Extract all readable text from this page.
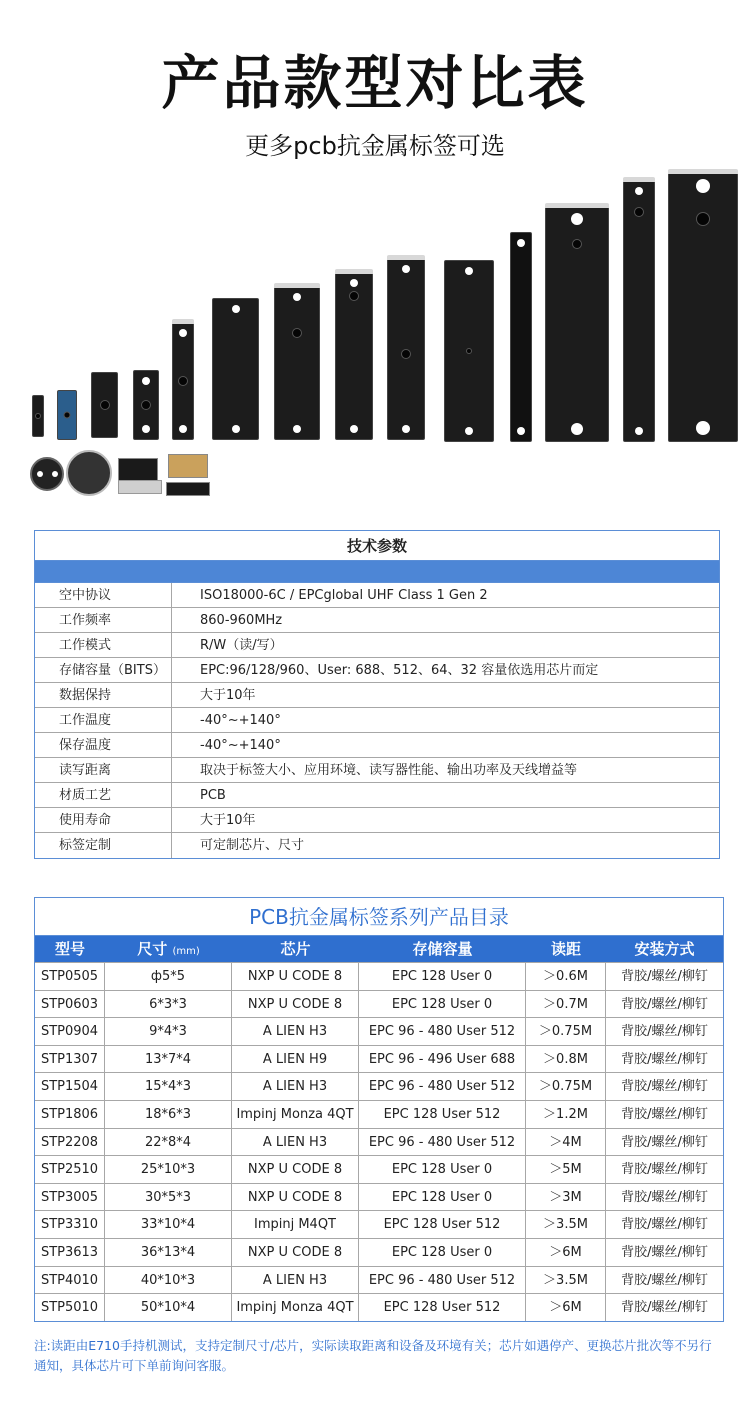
产品款型对比表
更多pcb抗金属标签可选
技术参数
空中协议	ISO18000-6C / EPCglobal UHF Class 1 Gen 2
工作频率	860-960MHz
工作模式	R/W（读/写）
存储容量（BITS）	EPC:96/128/960、User: 688、512、64、32 容量依选用芯片而定
数据保持	大于10年
工作温度	-40°~+140°
保存温度	-40°~+140°
读写距离	取决于标签大小、应用环境、读写器性能、输出功率及天线增益等
材质工艺	PCB
使用寿命	大于10年
标签定制	可定制芯片、尺寸
PCB抗金属标签系列产品目录
型号	尺寸 (mm)	芯片	存储容量	读距	安装方式
STP0505	ф5*5	NXP U CODE 8	EPC 128 User 0	＞0.6M	背胶/螺丝/柳钉
STP0603	6*3*3	NXP U CODE 8	EPC 128 User 0	＞0.7M	背胶/螺丝/柳钉
STP0904	9*4*3	A LIEN H3	EPC 96 - 480 User 512	＞0.75M	背胶/螺丝/柳钉
STP1307	13*7*4	A LIEN H9	EPC 96 - 496 User 688	＞0.8M	背胶/螺丝/柳钉
STP1504	15*4*3	A LIEN H3	EPC 96 - 480 User 512	＞0.75M	背胶/螺丝/柳钉
STP1806	18*6*3	Impinj Monza 4QT	EPC 128 User 512	＞1.2M	背胶/螺丝/柳钉
STP2208	22*8*4	A LIEN H3	EPC 96 - 480 User 512	＞4M	背胶/螺丝/柳钉
STP2510	25*10*3	NXP U CODE 8	EPC 128 User 0	＞5M	背胶/螺丝/柳钉
STP3005	30*5*3	NXP U CODE 8	EPC 128 User 0	＞3M	背胶/螺丝/柳钉
STP3310	33*10*4	Impinj M4QT	EPC 128 User 512	＞3.5M	背胶/螺丝/柳钉
STP3613	36*13*4	NXP U CODE 8	EPC 128 User 0	＞6M	背胶/螺丝/柳钉
STP4010	40*10*3	A LIEN H3	EPC 96 - 480 User 512	＞3.5M	背胶/螺丝/柳钉
STP5010	50*10*4	Impinj Monza 4QT	EPC 128 User 512	＞6M	背胶/螺丝/柳钉
注:读距由E710手持机测试，支持定制尺寸/芯片，实际读取距离和设备及环境有关；芯片如遇停产、更换芯片批次等不另行通知，具体芯片可下单前询问客服。
